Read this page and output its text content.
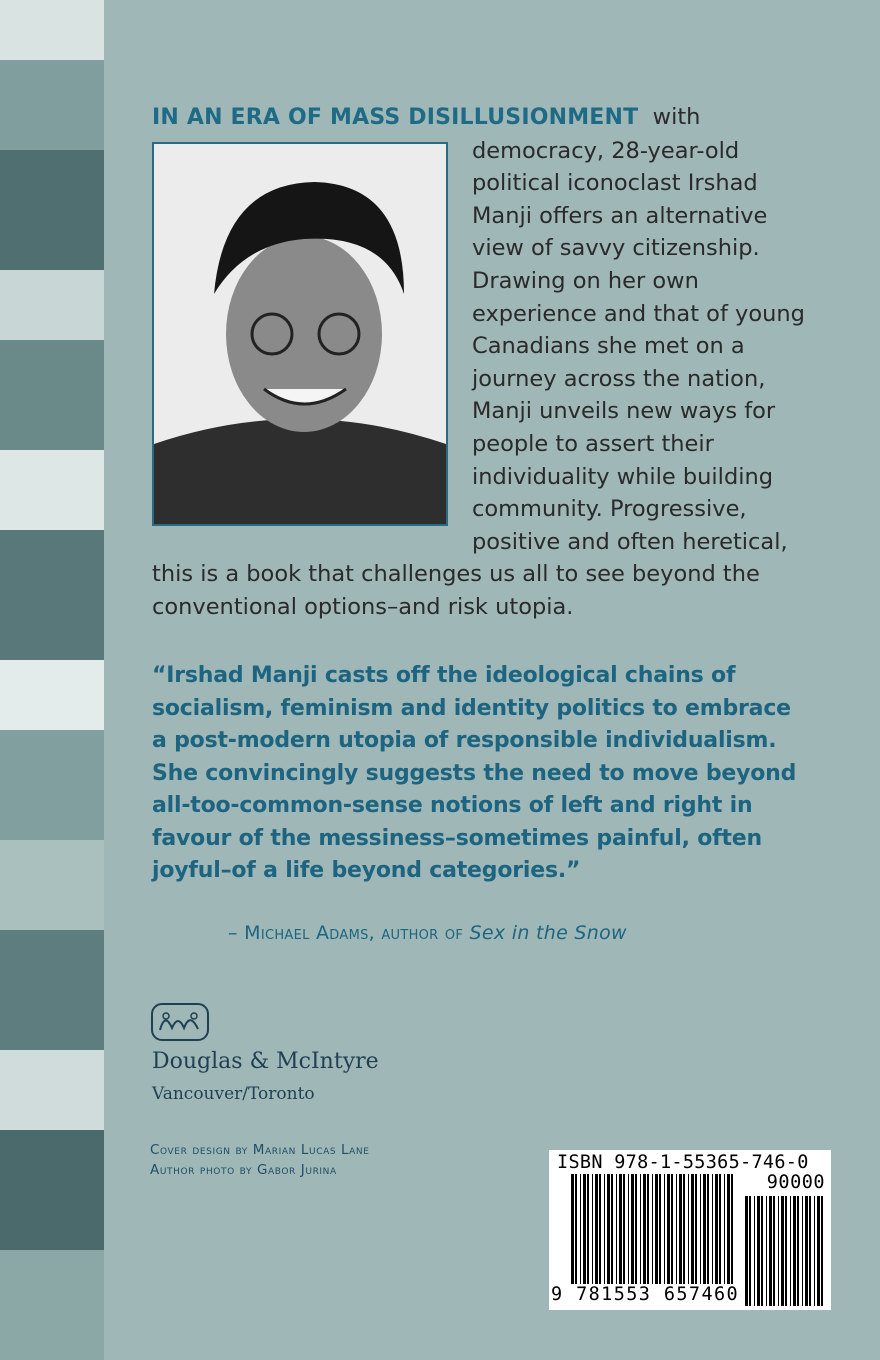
IN AN ERA OF MASS DISILLUSIONMENT with democracy, 28-year-old political iconoclast Irshad Manji offers an alternative view of savvy citizenship. Drawing on her own experience and that of young Canadians she met on a journey across the nation, Manji unveils new ways for people to assert their individuality while building community. Progressive, positive and often heretical, this is a book that challenges us all to see beyond the conventional options–and risk utopia.
“Irshad Manji casts off the ideological chains of socialism, feminism and identity politics to embrace a post-modern utopia of responsible individualism. She convincingly suggests the need to move beyond all-too-common-sense notions of left and right in favour of the messiness–sometimes painful, often joyful–of a life beyond categories.”
– Michael Adams, author of Sex in the Snow
Douglas & McIntyre
Vancouver/Toronto
Cover design by Marian Lucas Lane
Author photo by Gabor Jurina	ISBN 978-1-55365-746-0
90000
9 781553 657460
